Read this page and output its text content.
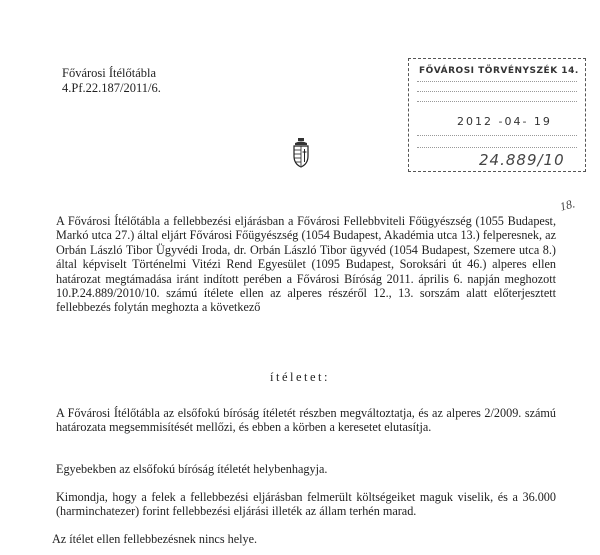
Fővárosi Ítélőtábla
4.Pf.22.187/2011/6.
FŐVÁROSI TÖRVÉNYSZÉK 14.
2012 -04- 19
24.889/10
18.
A Fővárosi Ítélőtábla a fellebbezési eljárásban a Fővárosi Fellebbviteli Főügyészség (1055 Budapest, Markó utca 27.) által eljárt Fővárosi Főügyészség (1054 Budapest, Akadémia utca 13.) felperesnek, az Orbán László Tibor Ügyvédi Iroda, dr. Orbán László Tibor ügyvéd (1054 Budapest, Szemere utca 8.) által képviselt Történelmi Vitézi Rend Egyesület (1095 Budapest, Soroksári út 46.) alperes ellen határozat megtámadása iránt indított perében a Fővárosi Bíróság 2011. április 6. napján meghozott 10.P.24.889/2010/10. számú ítélete ellen az alperes részéről 12., 13. sorszám alatt előterjesztett fellebbezés folytán meghozta a következő
ítéletet:
A Fővárosi Ítélőtábla az elsőfokú bíróság ítéletét részben megváltoztatja, és az alperes 2/2009. számú határozata megsemmisítését mellőzi, és ebben a körben a keresetet elutasítja.
Egyebekben az elsőfokú bíróság ítéletét helybenhagyja.
Kimondja, hogy a felek a fellebbezési eljárásban felmerült költségeiket maguk viselik, és a 36.000 (harminchatezer) forint fellebbezési eljárási illeték az állam terhén marad.
Az ítélet ellen fellebbezésnek nincs helye.
